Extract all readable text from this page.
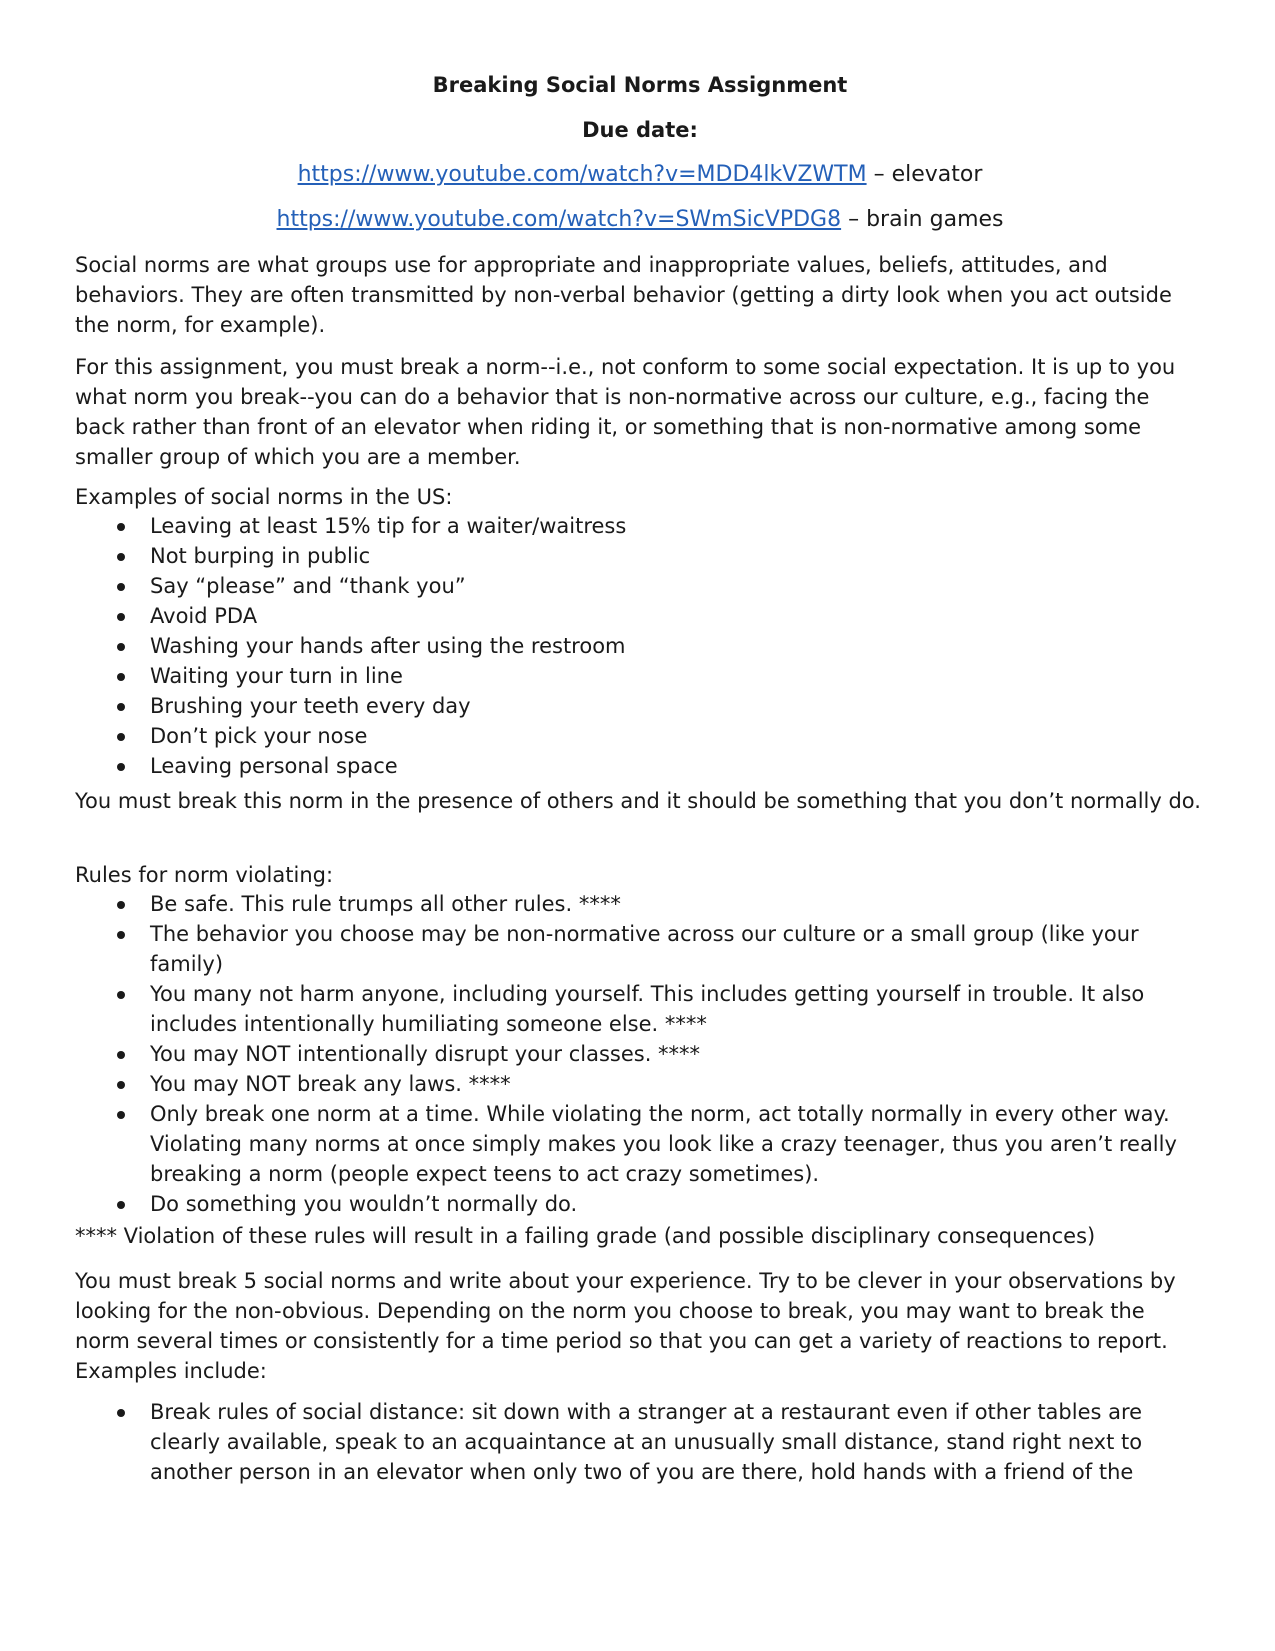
Breaking Social Norms Assignment
Due date:
https://www.youtube.com/watch?v=MDD4lkVZWTM – elevator
https://www.youtube.com/watch?v=SWmSicVPDG8 – brain games

Social norms are what groups use for appropriate and inappropriate values, beliefs, attitudes, and behaviors. They are often transmitted by non-verbal behavior (getting a dirty look when you act outside the norm, for example).

For this assignment, you must break a norm--i.e., not conform to some social expectation. It is up to you what norm you break--you can do a behavior that is non-normative across our culture, e.g., facing the back rather than front of an elevator when riding it, or something that is non-normative among some smaller group of which you are a member.

Examples of social norms in the US:

Leaving at least 15% tip for a waiter/waitress
Not burping in public
Say “please” and “thank you”
Avoid PDA
Washing your hands after using the restroom
Waiting your turn in line
Brushing your teeth every day
Don’t pick your nose
Leaving personal space

You must break this norm in the presence of others and it should be something that you don’t normally do.

Rules for norm violating:

Be safe. This rule trumps all other rules. ****
The behavior you choose may be non-normative across our culture or a small group (like your family)
You many not harm anyone, including yourself. This includes getting yourself in trouble. It also includes intentionally humiliating someone else. ****
You may NOT intentionally disrupt your classes. ****
You may NOT break any laws. ****
Only break one norm at a time. While violating the norm, act totally normally in every other way. Violating many norms at once simply makes you look like a crazy teenager, thus you aren’t really breaking a norm (people expect teens to act crazy sometimes).
Do something you wouldn’t normally do.

**** Violation of these rules will result in a failing grade (and possible disciplinary consequences)

You must break 5 social norms and write about your experience. Try to be clever in your observations by looking for the non-obvious. Depending on the norm you choose to break, you may want to break the norm several times or consistently for a time period so that you can get a variety of reactions to report. Examples include:

Break rules of social distance: sit down with a stranger at a restaurant even if other tables are clearly available, speak to an acquaintance at an unusually small distance, stand right next to another person in an elevator when only two of you are there, hold hands with a friend of the
